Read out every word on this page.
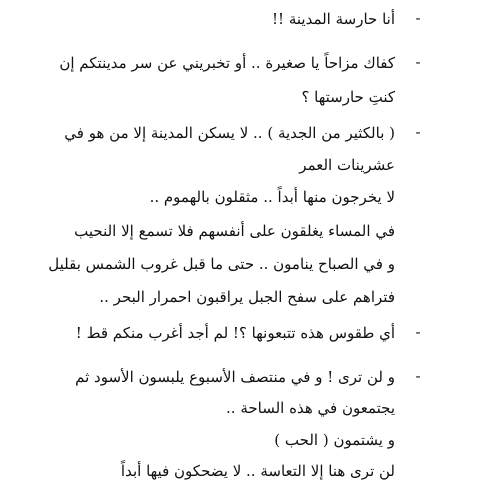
-
أنا حارسة المدينة !!
-
كفاك مزاحاً يا صغيرة .. أو تخبريني عن سر مدينتكم إن
كنتِ حارستها ؟
-
( بالكثير من الجدية ) .. لا يسكن المدينة إلا من هو في
عشرينات العمر
لا يخرجون منها أبداً .. مثقلون بالهموم ..
في المساء يغلقون على أنفسهم فلا تسمع إلا النحيب
و في الصباح ينامون .. حتى ما قبل غروب الشمس بقليل
فتراهم على سفح الجبل يراقبون احمرار البحر ..
-
أي طقوس هذه تتبعونها ؟! لم أجد أغرب منكم قط !
-
و لن ترى ! و في منتصف الأسبوع يلبسون الأسود ثم
يجتمعون في هذه الساحة ..
و يشتمون ( الحب )
لن ترى هنا إلا التعاسة .. لا يضحكون فيها أبداً
